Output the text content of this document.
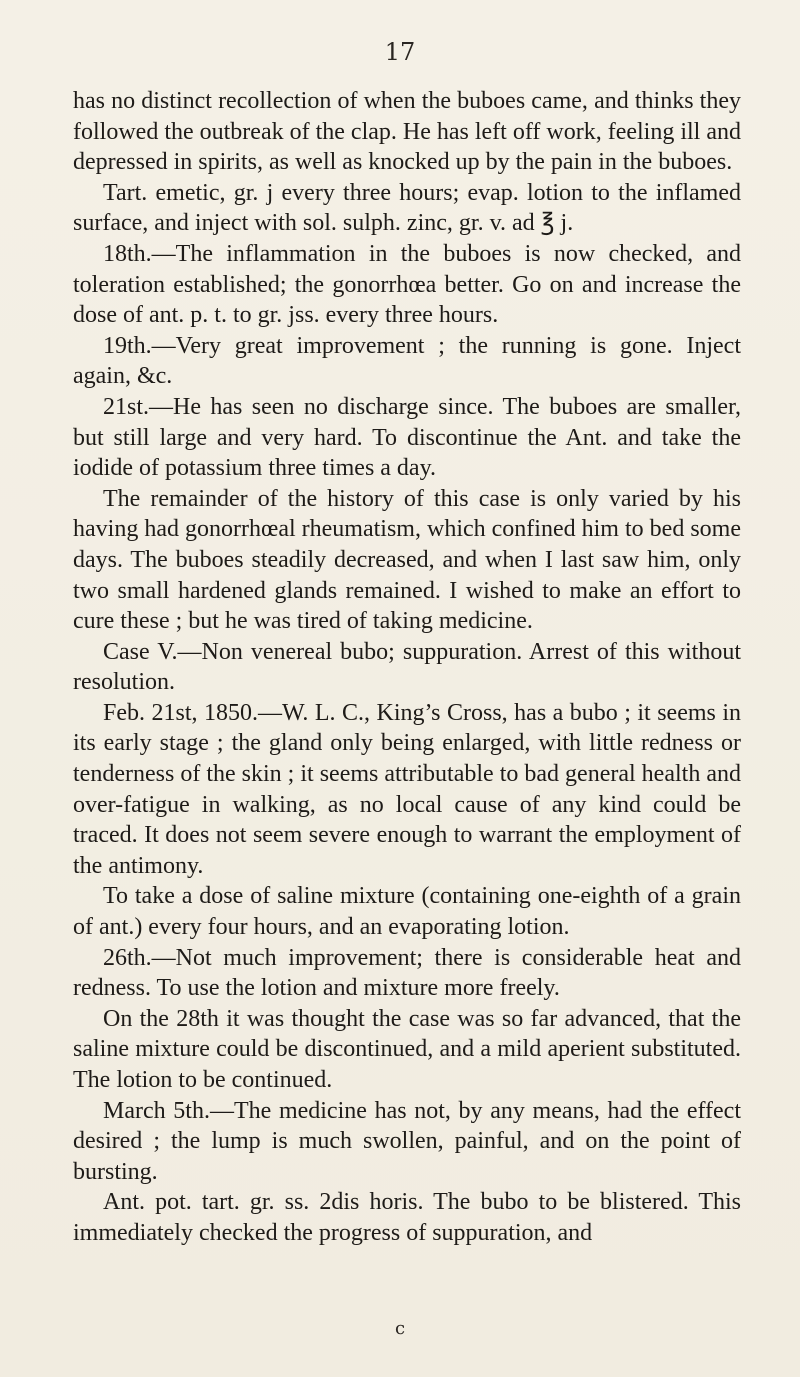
17

has no distinct recollection of when the buboes came, and thinks they followed the outbreak of the clap. He has left off work, feeling ill and depressed in spirits, as well as knocked up by the pain in the buboes.

Tart. emetic, gr. j every three hours; evap. lotion to the inflamed surface, and inject with sol. sulph. zinc, gr. v. ad ℥ j.

18th.—The inflammation in the buboes is now checked, and toleration established; the gonorrhœa better. Go on and increase the dose of ant. p. t. to gr. jss. every three hours.

19th.—Very great improvement ; the running is gone. Inject again, &c.

21st.—He has seen no discharge since. The buboes are smaller, but still large and very hard. To discontinue the Ant. and take the iodide of potassium three times a day.

The remainder of the history of this case is only varied by his having had gonorrhœal rheumatism, which confined him to bed some days. The buboes steadily decreased, and when I last saw him, only two small hardened glands remained. I wished to make an effort to cure these ; but he was tired of taking medicine.

Case V.—Non venereal bubo; suppuration. Arrest of this without resolution.

Feb. 21st, 1850.—W. L. C., King’s Cross, has a bubo ; it seems in its early stage ; the gland only being enlarged, with little redness or tenderness of the skin ; it seems attributable to bad general health and over-fatigue in walking, as no local cause of any kind could be traced. It does not seem severe enough to warrant the employment of the antimony.

To take a dose of saline mixture (containing one-eighth of a grain of ant.) every four hours, and an evaporating lotion.

26th.—Not much improvement; there is considerable heat and redness. To use the lotion and mixture more freely.

On the 28th it was thought the case was so far advanced, that the saline mixture could be discontinued, and a mild aperient substituted. The lotion to be continued.

March 5th.—The medicine has not, by any means, had the effect desired ; the lump is much swollen, painful, and on the point of bursting.

Ant. pot. tart. gr. ss. 2dis horis. The bubo to be blistered. This immediately checked the progress of suppuration, and

c
